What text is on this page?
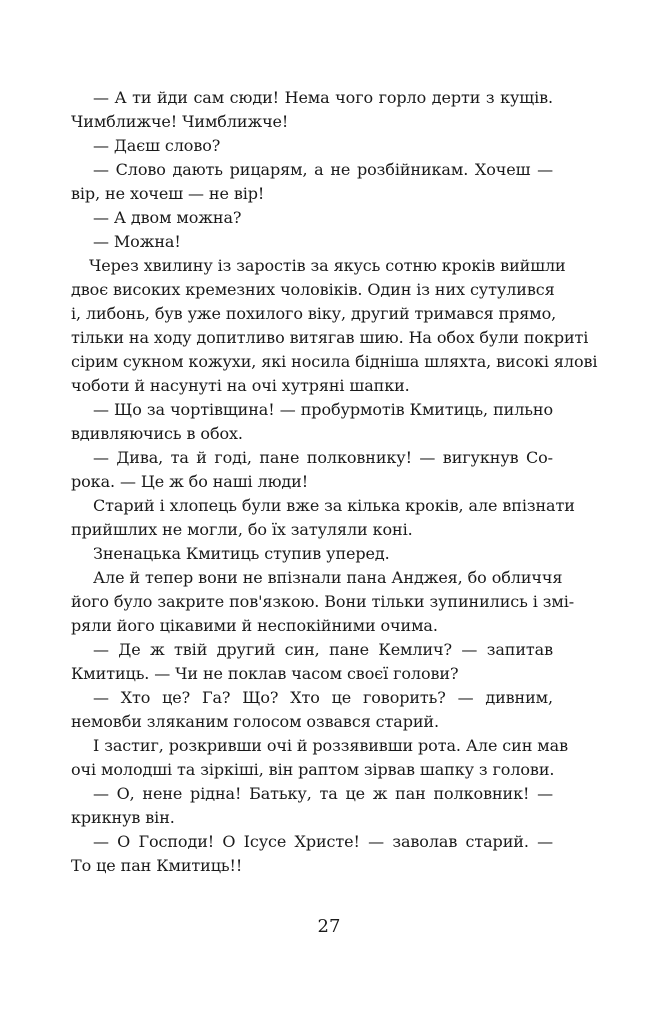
— А ти йди сам сюди! Нема чого горло дерти з кущів.
Чимближче! Чимближче!
— Даєш слово?
— Слово дають рицарям, а не розбійникам. Хочеш —
вір, не хочеш — не вір!
— А двом можна?
— Можна!
Через хвилину із заростів за якусь сотню кроків вийшли
двоє високих кремезних чоловіків. Один із них сутулився
і, либонь, був уже похилого віку, другий тримався прямо,
тільки на ходу допитливо витягав шию. На обох були покриті
сірим сукном кожухи, які носила бідніша шляхта, високі ялові
чоботи й насунуті на очі хутряні шапки.
— Що за чортівщина! — пробурмотів Кмитиць, пильно
вдивляючись в обох.
— Дива, та й годі, пане полковнику! — вигукнув Со-
рока. — Це ж бо наші люди!
Старий і хлопець були вже за кілька кроків, але впізнати
прийшлих не могли, бо їх затуляли коні.
Зненацька Кмитиць ступив уперед.
Але й тепер вони не впізнали пана Анджея, бо обличчя
його було закрите пов'язкою. Вони тільки зупинились і змі-
ряли його цікавими й неспокійними очима.
— Де ж твій другий син, пане Кемлич? — запитав
Кмитиць. — Чи не поклав часом своєї голови?
— Хто це? Га? Що? Хто це говорить? — дивним,
немовби зляканим голосом озвався старий.
І застиг, розкривши очі й роззявивши рота. Але син мав
очі молодші та зіркіші, він раптом зірвав шапку з голови.
— О, нене рідна! Батьку, та це ж пан полковник! —
крикнув він.
— О Господи! О Ісусе Христе! — заволав старий. —
То це пан Кмитиць!!
27
